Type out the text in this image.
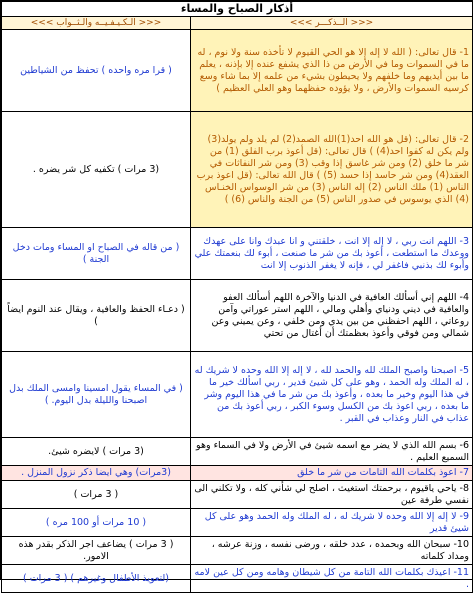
أذكار الصباح والمساء	
<<< الـكـيـفـيــه والـثــواب >>>	<<< الــذكـــر >>>
( قرا مره واحده ) تحفظ من الشياطين	1- قال تعالى: ( الله لا إله إلا هو الحي القيوم لا تأخذه سنة ولا نوم ، له ما في السموات وما في الأرض من ذا الذي يشفع عنده إلا بإذنه ، يعلم ما بين أيديهم وما خلفهم ولا يحيطون بشيء من علمه إلا بما شاء وسع كرسيه السموات والأرض ، ولا يؤوده حفظهما وهو العلي العظيم )
(3 مرات ) تكفيه كل شر يضره .	2- قال تعالى: (قل هو الله احد(1)الله الصمد(2) لم يلد ولم يولد(3) ولم يكن له كفوا احد(4) ) قال تعالى: (قل أعوذ برب الفلق (1) من شر ما خلق (2) ومن شر غاسق إذا وقب (3) ومن شر النفاثات في العقد(4) ومن شر حاسد إذا حسد (5) ) قال الله تعالى: (قل اعوذ برب الناس (1) ملك الناس (2) إله الناس (3) من شر الوسواس الخنـاس (4) الذي يوسوس في صدور الناس (5) من الجنة والناس (6) )
( من قاله في الصباح او المساء ومات دخل الجنة )	3- اللهم انت ربي ، لا إله إلا انت ، خلقتني و انا عبدك وانا على عهدك ووعدك ما استطعت ، أعوذ بك من شر ما صنعت ، أبوء لك بنعمتك علي وأبوء لك بذنبي فاغفر لي ، فإنه لا يغفر الذنوب إلا انت
( دعـاء الحفظ والعافية ، ويقال عند النوم ايضاً )	4- اللهم إني أسألك العافية في الدنيا والآخرة اللهم أسألك العفو والعافية في ديني ودنياي وأهلي ومالي ، اللهم استر عوراتي وآمن روعاتي ، اللهم احفظني من بين يدي ومن خلفي ، وعن يميني وعن شمالي ومن فوقي وأعوذ بعظمتك أن أغتال من تحتي
( في المساء يقول امسينا وامسى الملك بدل اصبحنا والليلة بدل اليوم. )	5- اصبحنا واصبح الملك لله والحمد لله ، لا إله إلا الله وحده لا شريك له ، له الملك وله الحمد ، وهو على كل شيئ قدير ، ربي اسألك خير ما في هذا اليوم وخير ما بعده ، وأعوذ بك من شر ما في هذا اليوم وشر ما بعده ، ربي اعوذ بك من الكسل وسوء الكبر ، ربي أعوذ بك من عذاب في النار وعذاب في القبر .
(3 مرات ) لايضره شيئ.	6- بسم الله الذي لا يضر مع اسمه شيئ في الأرض ولا في السماء وهو السميع العليم .
(3مرات) وهي ايضا ذكر نزول المنزل .	7- اعوذ بكلمات الله التامات من شر ما خلق
( 3 مرات )	8- ياحي ياقيوم ، برحمتك استغيث ، اصلح لي شأني كله ، ولا تكلني الى نفسي طرفة عين
( 10 مرات أو 100 مره )	9- لا إله إلا الله وحده لا شريك له ، له الملك وله الحمد وهو على كل شيئ قدير
( 3 مرات ) يضاعف اجر الذكر بقدر هذه الامور.	10- سبحان الله وبحمده ، عدد خلقه ، ورضى نفسه ، وزنة عرشه ، ومداد كلماته
(لتعويذ الأطفال وغيرهم ) ( 3 مرات )	11- اعيذك بكلمات الله التامة من كل شيطان وهامه ومن كل عين لامه .
